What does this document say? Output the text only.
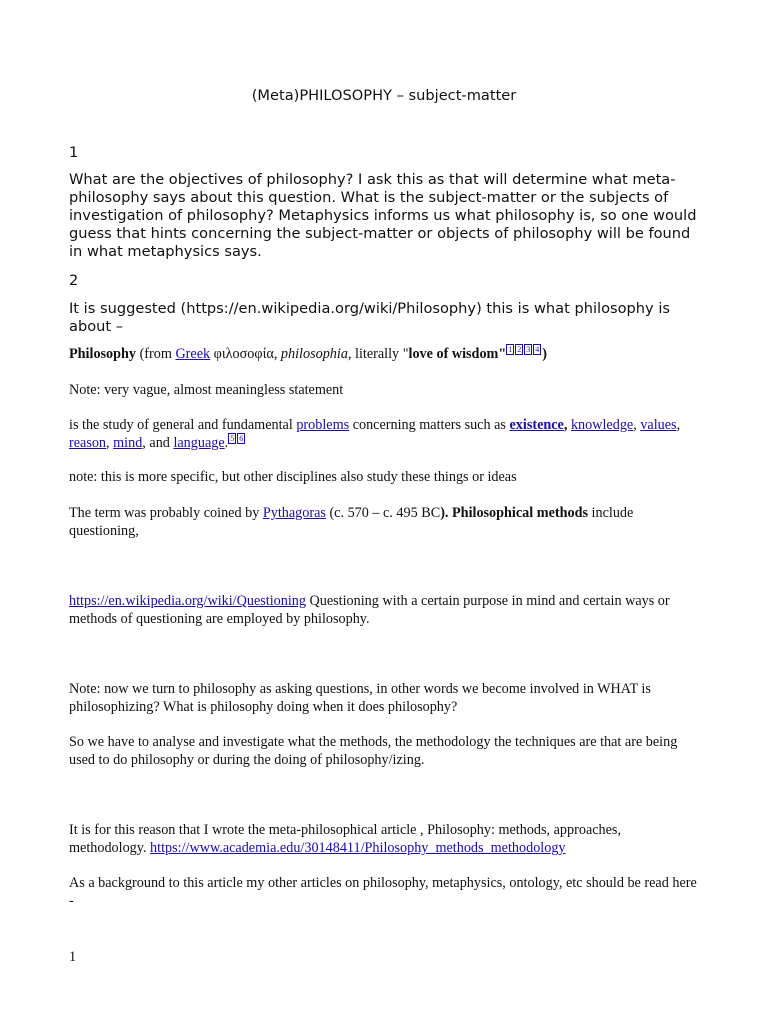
(Meta)PHILOSOPHY – subject-matter
1

What are the objectives of philosophy? I ask this as that will determine what meta-philosophy says about this question. What is the subject-matter or the subjects of investigation of philosophy? Metaphysics informs us what philosophy is, so one would guess that hints concerning the subject-matter or objects of philosophy will be found in what metaphysics says.

2

It is suggested (https://en.wikipedia.org/wiki/Philosophy) this is what philosophy is about –

Philosophy (from Greek φιλοσοφία, philosophia, literally "love of wisdom" $^{1 2 3 4}$ )

Note: very vague, almost meaningless statement

is the study of general and fundamental problems concerning matters such as existence, knowledge, values, reason, mind, and language. $^{5 6}$

note: this is more specific, but other disciplines also study these things or ideas

The term was probably coined by Pythagoras (c. 570 – c. 495 BC). Philosophical methods include questioning,

https://en.wikipedia.org/wiki/Questioning Questioning with a certain purpose in mind and certain ways or methods of questioning are employed by philosophy.

Note: now we turn to philosophy as asking questions, in other words we become involved in WHAT is philosophizing? What is philosophy doing when it does philosophy?

So we have to analyse and investigate what the methods, the methodology the techniques are that are being used to do philosophy or during the doing of philosophy/izing.

It is for this reason that I wrote the meta-philosophical article , Philosophy: methods, approaches, methodology. https://www.academia.edu/30148411/Philosophy_methods_methodology

As a background to this article my other articles on philosophy, metaphysics, ontology, etc should be read here -

1
